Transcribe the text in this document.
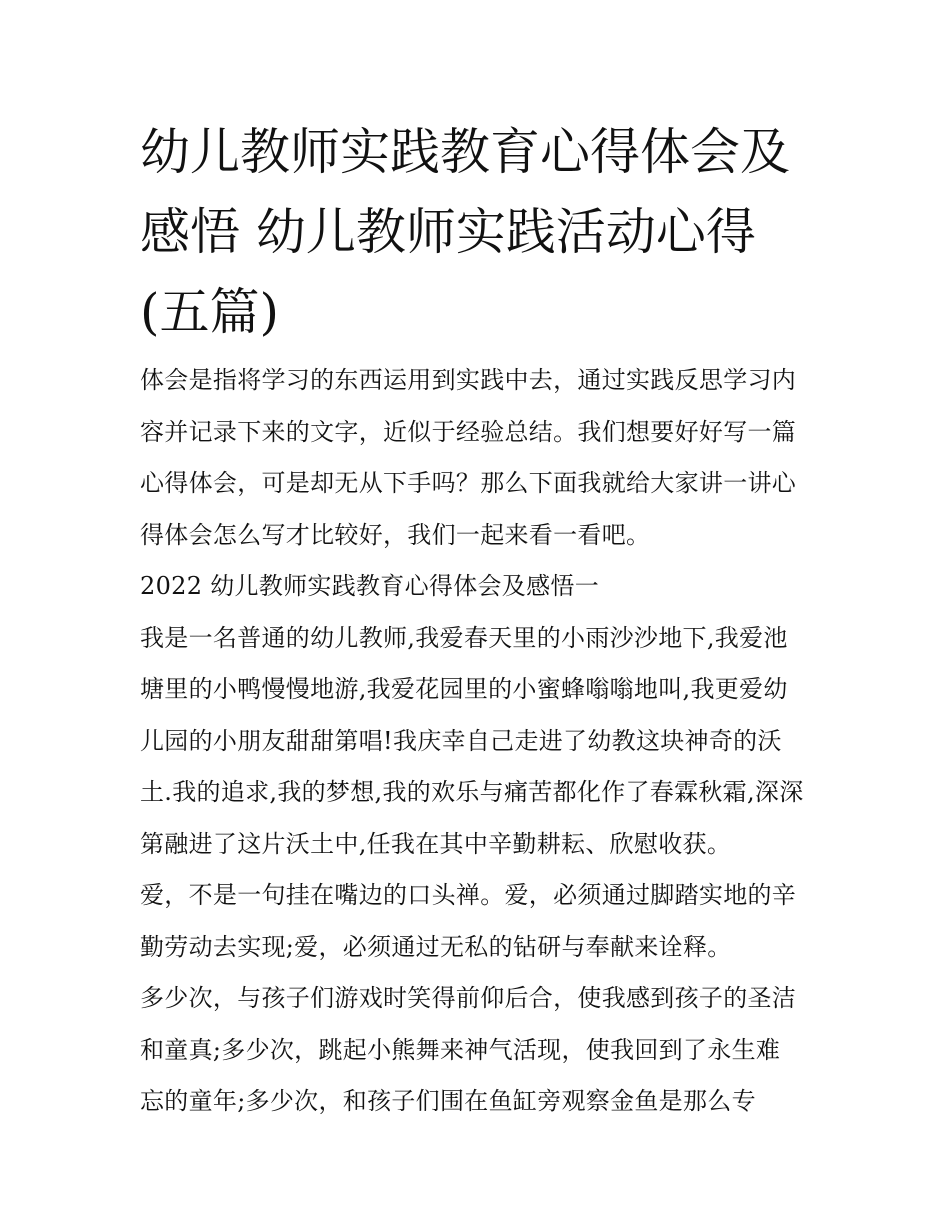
幼儿教师实践教育心得体会及
感悟 幼儿教师实践活动心得
(五篇)

体会是指将学习的东西运用到实践中去，通过实践反思学习内
容并记录下来的文字，近似于经验总结。我们想要好好写一篇
心得体会，可是却无从下手吗？那么下面我就给大家讲一讲心
得体会怎么写才比较好，我们一起来看一看吧。

2022 幼儿教师实践教育心得体会及感悟一

我是一名普通的幼儿教师,我爱春天里的小雨沙沙地下,我爱池
塘里的小鸭慢慢地游,我爱花园里的小蜜蜂嗡嗡地叫,我更爱幼
儿园的小朋友甜甜第唱!我庆幸自己走进了幼教这块神奇的沃
土.我的追求,我的梦想,我的欢乐与痛苦都化作了春霖秋霜,深深
第融进了这片沃土中,任我在其中辛勤耕耘、欣慰收获。

爱，不是一句挂在嘴边的口头禅。爱，必须通过脚踏实地的辛
勤劳动去实现;爱，必须通过无私的钻研与奉献来诠释。

多少次，与孩子们游戏时笑得前仰后合，使我感到孩子的圣洁
和童真;多少次，跳起小熊舞来神气活现，使我回到了永生难
忘的童年;多少次，和孩子们围在鱼缸旁观察金鱼是那么专
